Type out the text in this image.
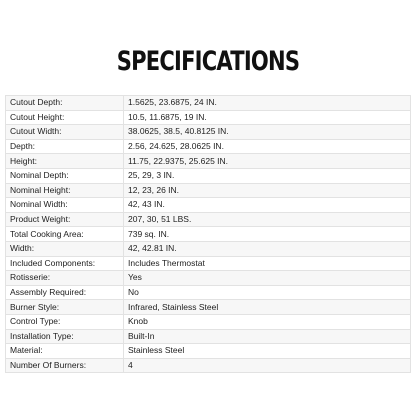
SPECIFICATIONS
Cutout Depth:	1.5625, 23.6875, 24 IN.
Cutout Height:	10.5, 11.6875, 19 IN.
Cutout Width:	38.0625, 38.5, 40.8125 IN.
Depth:	2.56, 24.625, 28.0625 IN.
Height:	11.75, 22.9375, 25.625 IN.
Nominal Depth:	25, 29, 3 IN.
Nominal Height:	12, 23, 26 IN.
Nominal Width:	42, 43 IN.
Product Weight:	207, 30, 51 LBS.
Total Cooking Area:	739 sq. IN.
Width:	42, 42.81 IN.
Included Components:	Includes Thermostat
Rotisserie:	Yes
Assembly Required:	No
Burner Style:	Infrared, Stainless Steel
Control Type:	Knob
Installation Type:	Built-In
Material:	Stainless Steel
Number Of Burners:	4
